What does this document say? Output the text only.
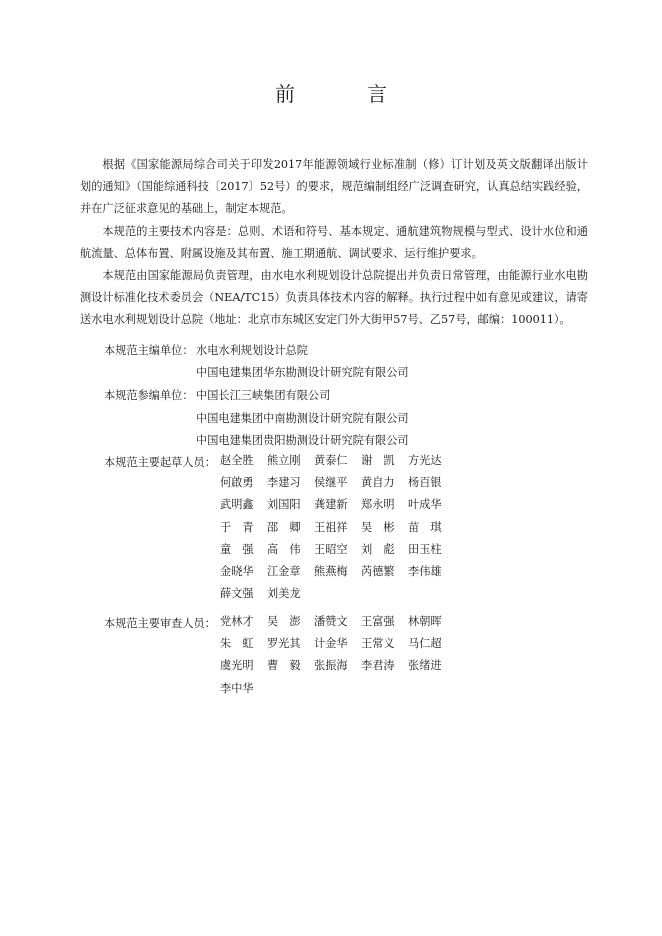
前　言

根据《国家能源局综合司关于印发2017年能源领域行业标准制（修）订计划及英文版翻译出版计划的通知》（国能综通科技〔2017〕52号）的要求，规范编制组经广泛调查研究，认真总结实践经验，并在广泛征求意见的基础上，制定本规范。

本规范的主要技术内容是：总则、术语和符号、基本规定、通航建筑物规模与型式、设计水位和通航流量、总体布置、附属设施及其布置、施工期通航、调试要求、运行维护要求。

本规范由国家能源局负责管理，由水电水利规划设计总院提出并负责日常管理，由能源行业水电勘测设计标准化技术委员会（NEA/TC15）负责具体技术内容的解释。执行过程中如有意见或建议，请寄送水电水利规划设计总院（地址：北京市东城区安定门外大街甲57号、乙57号，邮编：100011）。

本规范主编单位： 水电水利规划设计总院
中国电建集团华东勘测设计研究院有限公司
本规范参编单位： 中国长江三峡集团有限公司
中国电建集团中南勘测设计研究院有限公司
中国电建集团贵阳勘测设计研究院有限公司
本规范主要起草人员： 赵全胜	熊立刚	黄泰仁	谢　凯	方光达
何啟勇	李建习	侯继平	黄自力	杨百银
武明鑫	刘国阳	龚建新	郑永明	叶成华
于　青	邵　卿	王祖祥	吴　彬	苗　琪
童　强	高　伟	王昭空	刘　彪	田玉柱
金晓华	江金章	熊燕梅	芮德繁	李伟雄
薛文强	刘美龙
本规范主要审查人员： 党林才	吴　澎	潘赞文	王富强	林朝晖
朱　虹	罗光其	计金华	王常义	马仁超
虞光明	曹　毅	张振海	李君涛	张绪进
李中华
